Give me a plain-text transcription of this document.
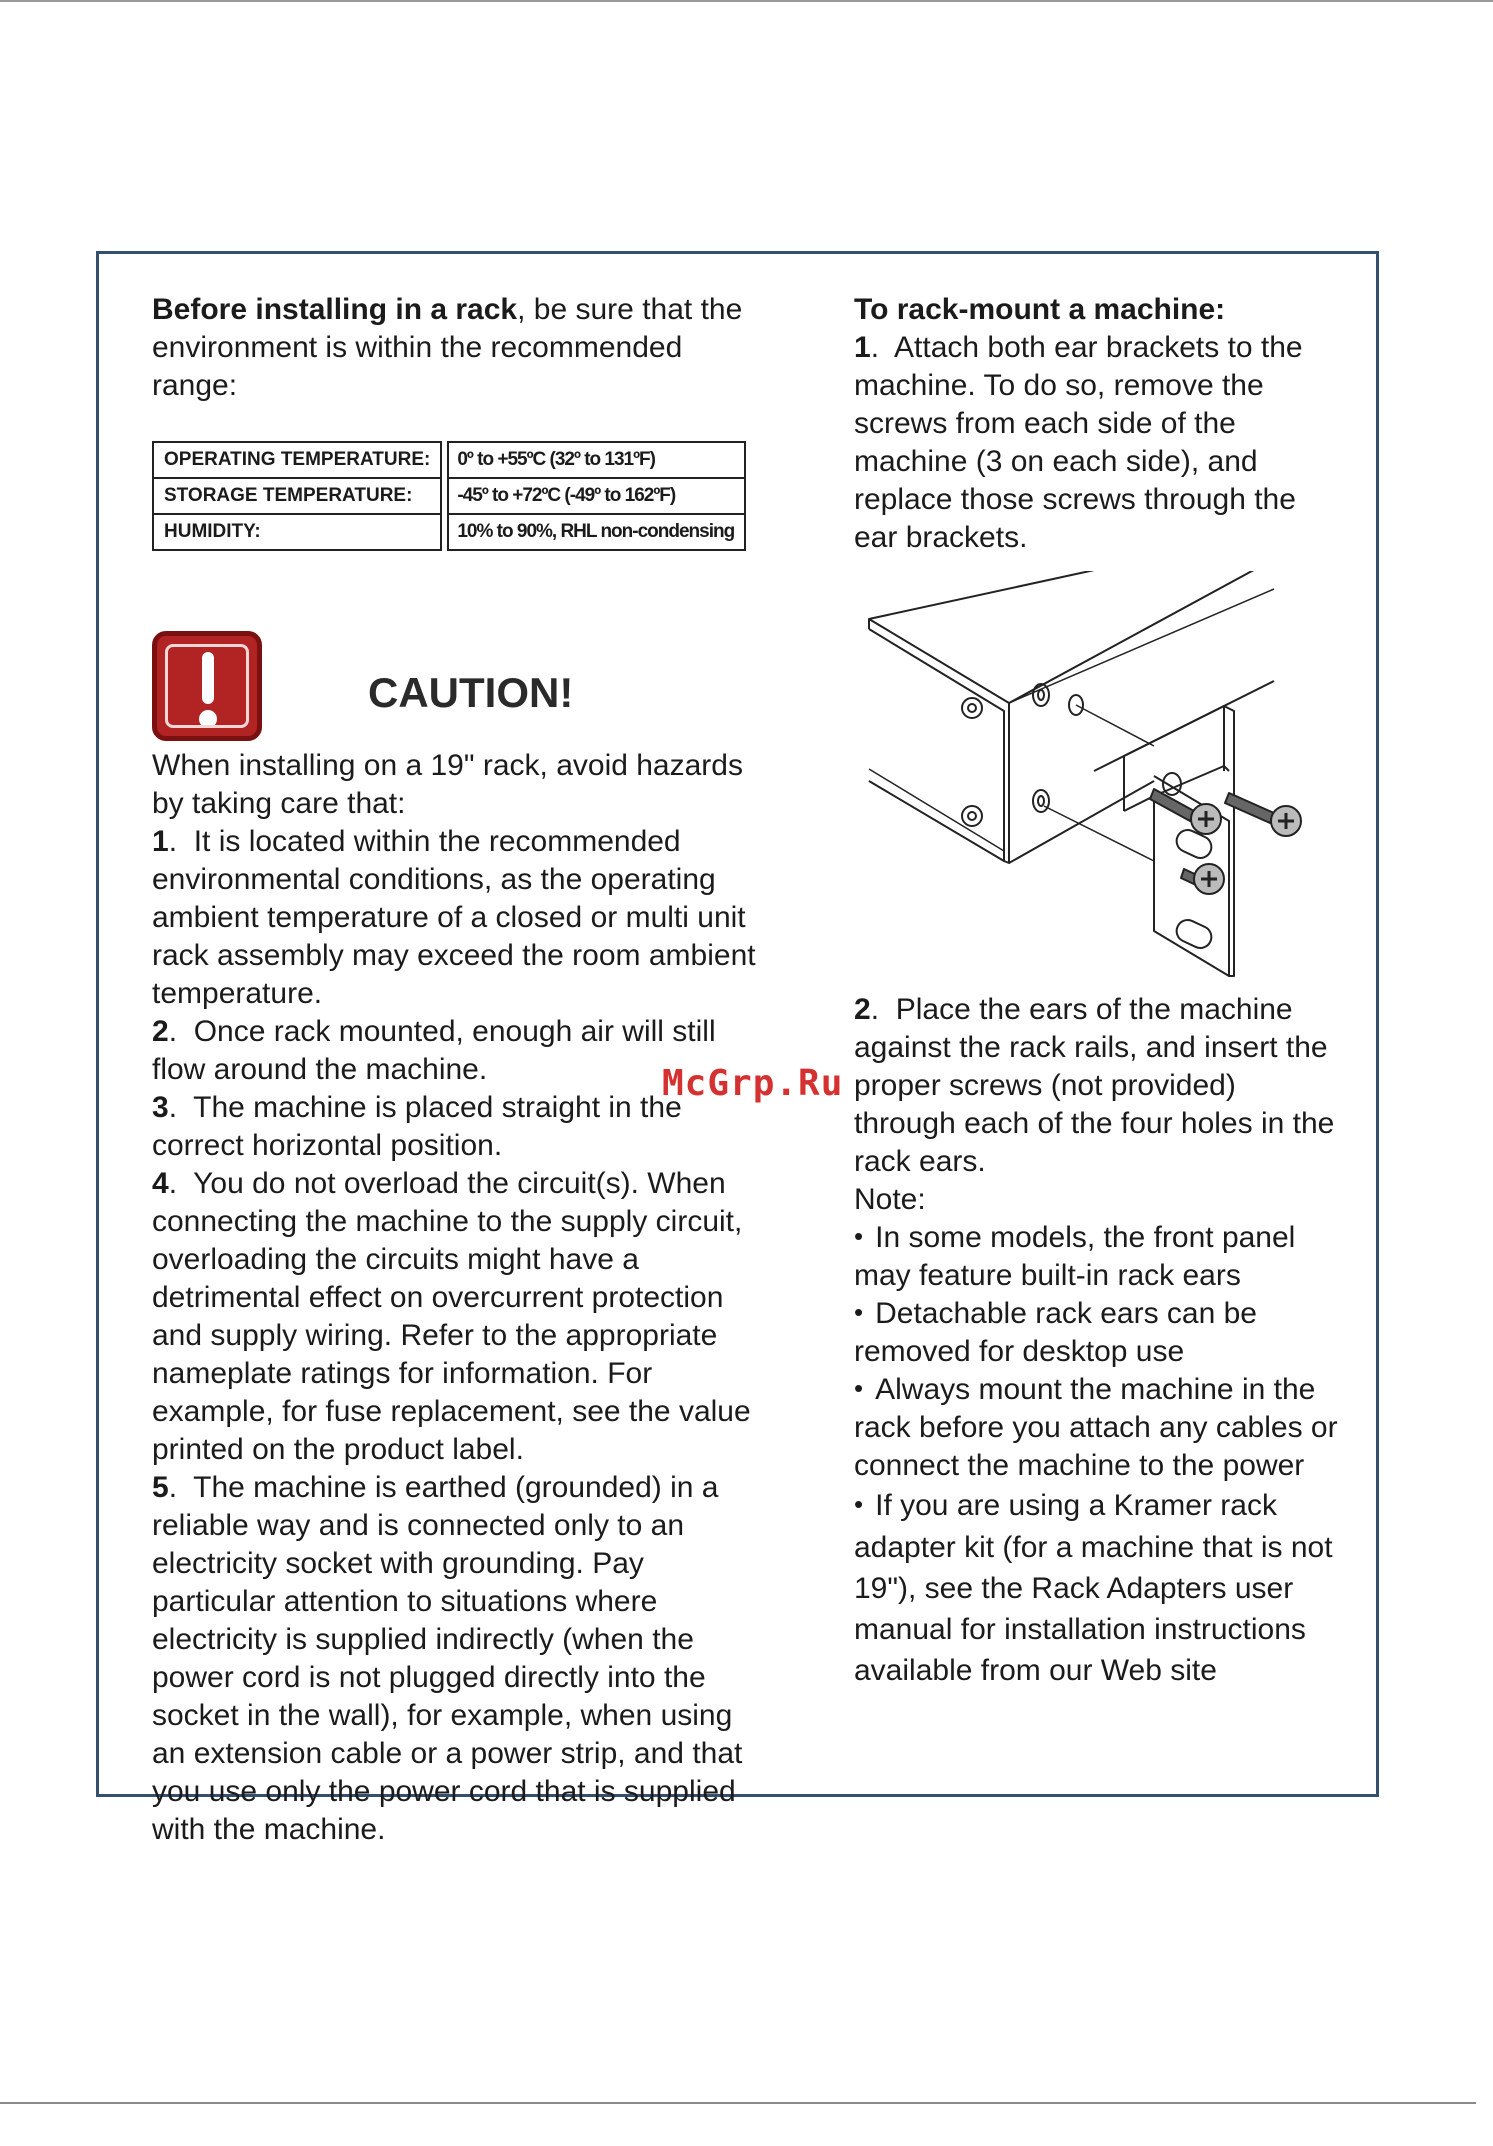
Before installing in a rack, be sure that the environment is within the recommended range:

OPERATING TEMPERATURE:	0º to +55ºC (32º to 131ºF)
STORAGE TEMPERATURE:	-45º to +72ºC (-49º to 162ºF)
HUMIDITY:	10% to 90%, RHL non-condensing
CAUTION!

When installing on a 19" rack, avoid hazards by taking care that:

1.  It is located within the recommended environmental conditions, as the operating ambient temperature of a closed or multi unit rack assembly may exceed the room ambient temperature.

2.  Once rack mounted, enough air will still flow around the machine.

3.  The machine is placed straight in the correct horizontal position.

4.  You do not overload the circuit(s). When connecting the machine to the supply circuit, overloading the circuits might have a detrimental effect on overcurrent protection and supply wiring. Refer to the appropriate nameplate ratings for information. For example, for fuse replacement, see the value printed on the product label.

5.  The machine is earthed (grounded) in a reliable way and is connected only to an electricity socket with grounding. Pay particular attention to situations where electricity is supplied indirectly (when the power cord is not plugged directly into the socket in the wall), for example, when using an extension cable or a power strip, and that you use only the power cord that is supplied with the machine.

To rack-mount a machine:

1.  Attach both ear brackets to the machine. To do so, remove the screws from each side of the machine (3 on each side), and replace those screws through the ear brackets.

2.  Place the ears of the machine against the rack rails, and insert the proper screws (not provided) through each of the four holes in the rack ears.

Note:

• In some models, the front panel may feature built-in rack ears

• Detachable rack ears can be removed for desktop use

• Always mount the machine in the rack before you attach any cables or connect the machine to the power

• If you are using a Kramer rack adapter kit (for a machine that is not 19"), see the Rack Adapters user manual for installation instructions available from our Web site

McGrp.Ru
